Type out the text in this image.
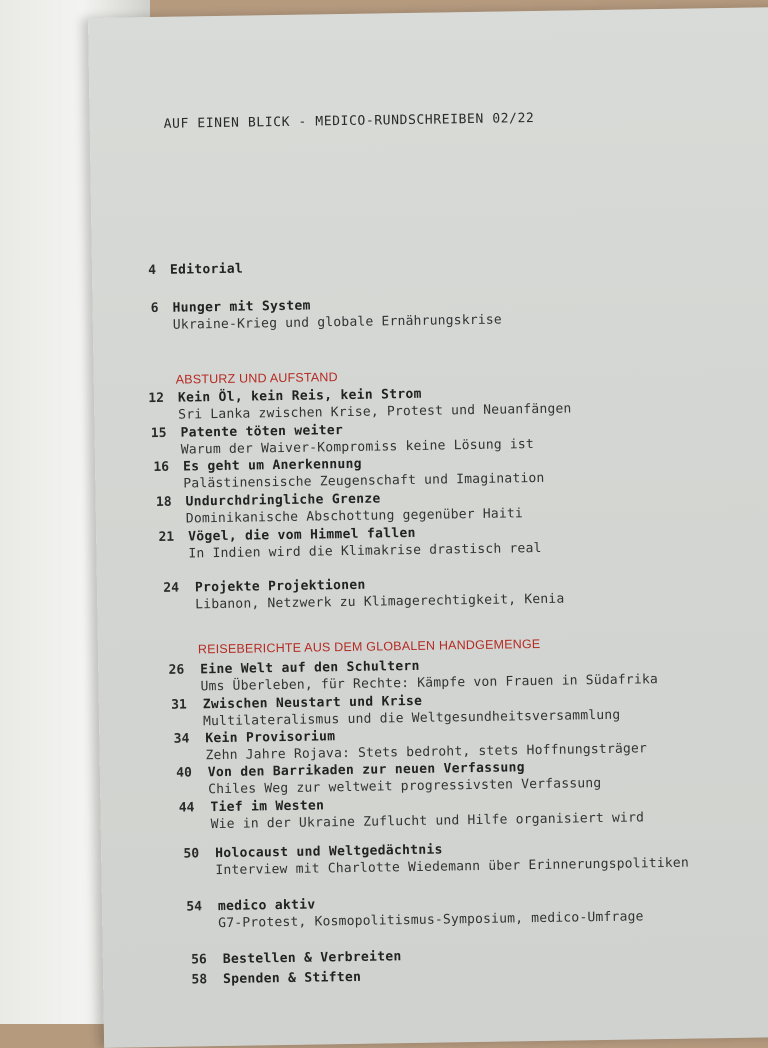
AUF EINEN BLICK - MEDICO-RUNDSCHREIBEN 02/22
4 Editorial
6 Hunger mit System
Ukraine-Krieg und globale Ernährungskrise
ABSTURZ UND AUFSTAND
12 Kein Öl, kein Reis, kein Strom
Sri Lanka zwischen Krise, Protest und Neuanfängen
15 Patente töten weiter
Warum der Waiver-Kompromiss keine Lösung ist
16 Es geht um Anerkennung
Palästinensische Zeugenschaft und Imagination
18 Undurchdringliche Grenze
Dominikanische Abschottung gegenüber Haiti
21 Vögel, die vom Himmel fallen
In Indien wird die Klimakrise drastisch real
24 Projekte Projektionen
Libanon, Netzwerk zu Klimagerechtigkeit, Kenia
REISEBERICHTE AUS DEM GLOBALEN HANDGEMENGE
26 Eine Welt auf den Schultern
Ums Überleben, für Rechte: Kämpfe von Frauen in Südafrika
31 Zwischen Neustart und Krise
Multilateralismus und die Weltgesundheitsversammlung
34 Kein Provisorium
Zehn Jahre Rojava: Stets bedroht, stets Hoffnungsträger
40 Von den Barrikaden zur neuen Verfassung
Chiles Weg zur weltweit progressivsten Verfassung
44 Tief im Westen
Wie in der Ukraine Zuflucht und Hilfe organisiert wird
50 Holocaust und Weltgedächtnis
Interview mit Charlotte Wiedemann über Erinnerungspolitiken
54 medico aktiv
G7-Protest, Kosmopolitismus-Symposium, medico-Umfrage
56 Bestellen & Verbreiten
58 Spenden & Stiften
